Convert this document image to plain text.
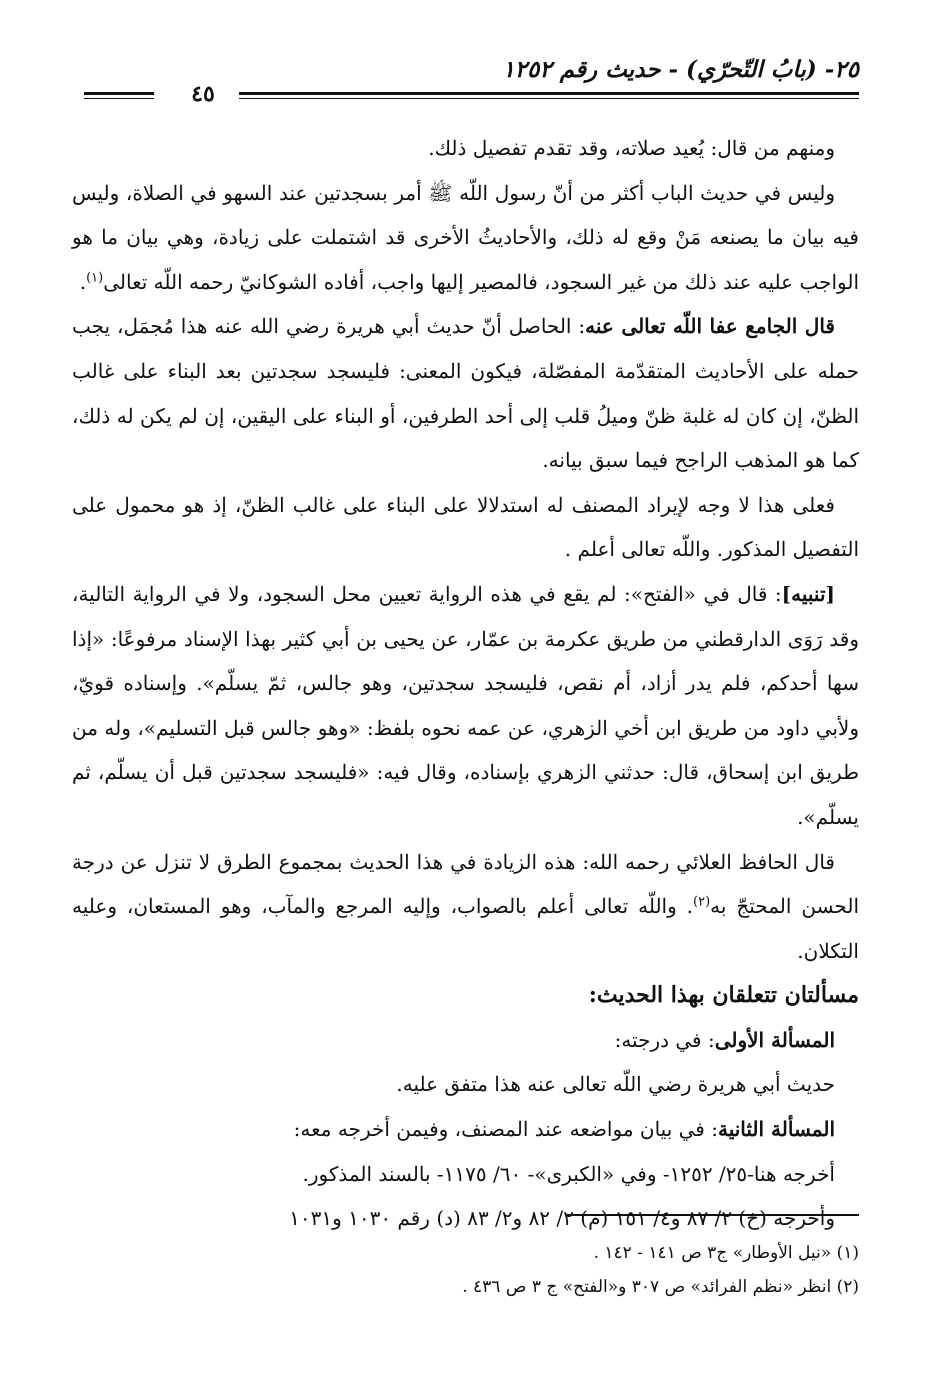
٢٥- (بابُ التّحرّي) - حديث رقم ١٢٥٢
٤٥

ومنهم من قال: يُعيد صلاته، وقد تقدم تفصيل ذلك.

وليس في حديث الباب أكثر من أنّ رسول اللّه ﷺ أمر بسجدتين عند السهو في الصلاة، وليس فيه بيان ما يصنعه مَنْ وقع له ذلك، والأحاديثُ الأخرى قد اشتملت على زيادة، وهي بيان ما هو الواجب عليه عند ذلك من غير السجود، فالمصير إليها واجب، أفاده الشوكانيّ رحمه اللّه تعالى$^{(١)}$.

قال الجامع عفا اللّه تعالى عنه: الحاصل أنّ حديث أبي هريرة رضي الله عنه هذا مُجمَل، يجب حمله على الأحاديث المتقدّمة المفصّلة، فيكون المعنى: فليسجد سجدتين بعد البناء على غالب الظنّ، إن كان له غلبة ظنّ وميلُ قلب إلى أحد الطرفين، أو البناء على اليقين، إن لم يكن له ذلك، كما هو المذهب الراجح فيما سبق بيانه.

فعلى هذا لا وجه لإيراد المصنف له استدلالا على البناء على غالب الظنّ، إذ هو محمول على التفصيل المذكور. واللّه تعالى أعلم .

[تنبيه]: قال في «الفتح»: لم يقع في هذه الرواية تعيين محل السجود، ولا في الرواية التالية، وقد رَوَى الدارقطني من طريق عكرمة بن عمّار، عن يحيى بن أبي كثير بهذا الإسناد مرفوعًا: «إذا سها أحدكم، فلم يدر أزاد، أم نقص، فليسجد سجدتين، وهو جالس، ثمّ يسلّم». وإسناده قويّ، ولأبي داود من طريق ابن أخي الزهري، عن عمه نحوه بلفظ: «وهو جالس قبل التسليم»، وله من طريق ابن إسحاق، قال: حدثني الزهري بإسناده، وقال فيه: «فليسجد سجدتين قبل أن يسلّم، ثم يسلّم».

قال الحافظ العلائي رحمه الله: هذه الزيادة في هذا الحديث بمجموع الطرق لا تنزل عن درجة الحسن المحتجّ به$^{(٢)}$. واللّه تعالى أعلم بالصواب، وإليه المرجع والمآب، وهو المستعان، وعليه التكلان.

مسألتان تتعلقان بهذا الحديث:

المسألة الأولى: في درجته:

حديث أبي هريرة رضي اللّه تعالى عنه هذا متفق عليه.

المسألة الثانية: في بيان مواضعه عند المصنف، وفيمن أخرجه معه:

أخرجه هنا-٢٥/ ١٢٥٢- وفي «الكبرى»- ٦٠/ ١١٧٥- بالسند المذكور.

وأخرجه (خ) ٢/ ٨٧ و٤/ ١٥١ (م) ٢/ ٨٢ و٢/ ٨٣ (د) رقم ١٠٣٠ و١٠٣١

(١) «نيل الأوطار» ج٣ ص ١٤١ - ١٤٢ .

(٢) انظر «نظم الفرائد» ص ٣٠٧ و«الفتح» ج ٣ ص ٤٣٦ .
